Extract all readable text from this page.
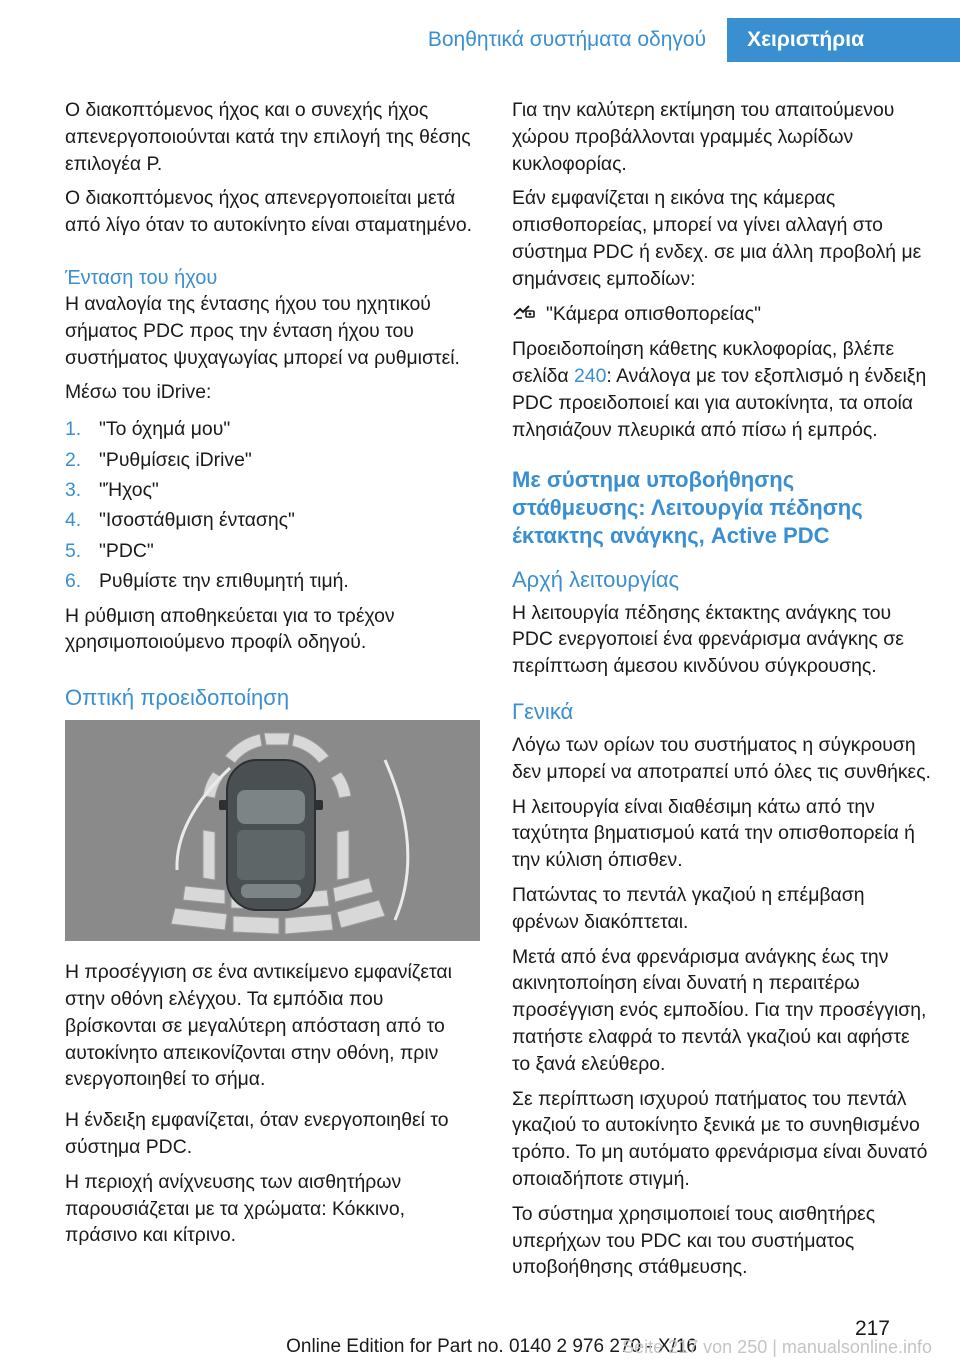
Βοηθητικά συστήματα οδηγού	Χειριστήρια

Ο διακοπτόμενος ήχος και ο συνεχής ήχος απενεργοποιούνται κατά την επιλογή της θέσης επιλογέα P.

Ο διακοπτόμενος ήχος απενεργοποιείται μετά από λίγο όταν το αυτοκίνητο είναι σταματημένο.

Ένταση του ήχου

Η αναλογία της έντασης ήχου του ηχητικού σήματος PDC προς την ένταση ήχου του συστήματος ψυχαγωγίας μπορεί να ρυθμιστεί.

Μέσω του iDrive:

1. "Το όχημά μου"
2. "Ρυθμίσεις iDrive"
3. "Ήχος"
4. "Ισοστάθμιση έντασης"
5. "PDC"
6. Ρυθμίστε την επιθυμητή τιμή.

Η ρύθμιση αποθηκεύεται για το τρέχον χρησιμοποιούμενο προφίλ οδηγού.

Οπτική προειδοποίηση

Η προσέγγιση σε ένα αντικείμενο εμφανίζεται στην οθόνη ελέγχου. Τα εμπόδια που βρίσκονται σε μεγαλύτερη απόσταση από το αυτοκίνητο απεικονίζονται στην οθόνη, πριν ενεργοποιηθεί το σήμα.

Η ένδειξη εμφανίζεται, όταν ενεργοποιηθεί το σύστημα PDC.

Η περιοχή ανίχνευσης των αισθητήρων παρουσιάζεται με τα χρώματα: Κόκκινο, πράσινο και κίτρινο.

Για την καλύτερη εκτίμηση του απαιτούμενου χώρου προβάλλονται γραμμές λωρίδων κυκλοφορίας.

Εάν εμφανίζεται η εικόνα της κάμερας οπισθοπορείας, μπορεί να γίνει αλλαγή στο σύστημα PDC ή ενδεχ. σε μια άλλη προβολή με σημάνσεις εμποδίων:

"Κάμερα οπισθοπορείας"

Προειδοποίηση κάθετης κυκλοφορίας, βλέπε σελίδα 240: Ανάλογα με τον εξοπλισμό η ένδειξη PDC προειδοποιεί και για αυτοκίνητα, τα οποία πλησιάζουν πλευρικά από πίσω ή εμπρός.

Με σύστημα υποβοήθησης στάθμευσης: Λειτουργία πέδησης έκτακτης ανάγκης, Active PDC
Αρχή λειτουργίας

Η λειτουργία πέδησης έκτακτης ανάγκης του PDC ενεργοποιεί ένα φρενάρισμα ανάγκης σε περίπτωση άμεσου κινδύνου σύγκρουσης.

Γενικά

Λόγω των ορίων του συστήματος η σύγκρουση δεν μπορεί να αποτραπεί υπό όλες τις συνθήκες.

Η λειτουργία είναι διαθέσιμη κάτω από την ταχύτητα βηματισμού κατά την οπισθοπορεία ή την κύλιση όπισθεν.

Πατώντας το πεντάλ γκαζιού η επέμβαση φρένων διακόπτεται.

Μετά από ένα φρενάρισμα ανάγκης έως την ακινητοποίηση είναι δυνατή η περαιτέρω προσέγγιση ενός εμποδίου. Για την προσέγγιση, πατήστε ελαφρά το πεντάλ γκαζιού και αφήστε το ξανά ελεύθερο.

Σε περίπτωση ισχυρού πατήματος του πεντάλ γκαζιού το αυτοκίνητο ξενικά με το συνηθισμένο τρόπο. Το μη αυτόματο φρενάρισμα είναι δυνατό οποιαδήποτε στιγμή.

Το σύστημα χρησιμοποιεί τους αισθητήρες υπερήχων του PDC και του συστήματος υποβοήθησης στάθμευσης.

217
Online Edition for Part no. 0140 2 976 270 - X/16
Seite 217 von 250 | manualsonline.info
